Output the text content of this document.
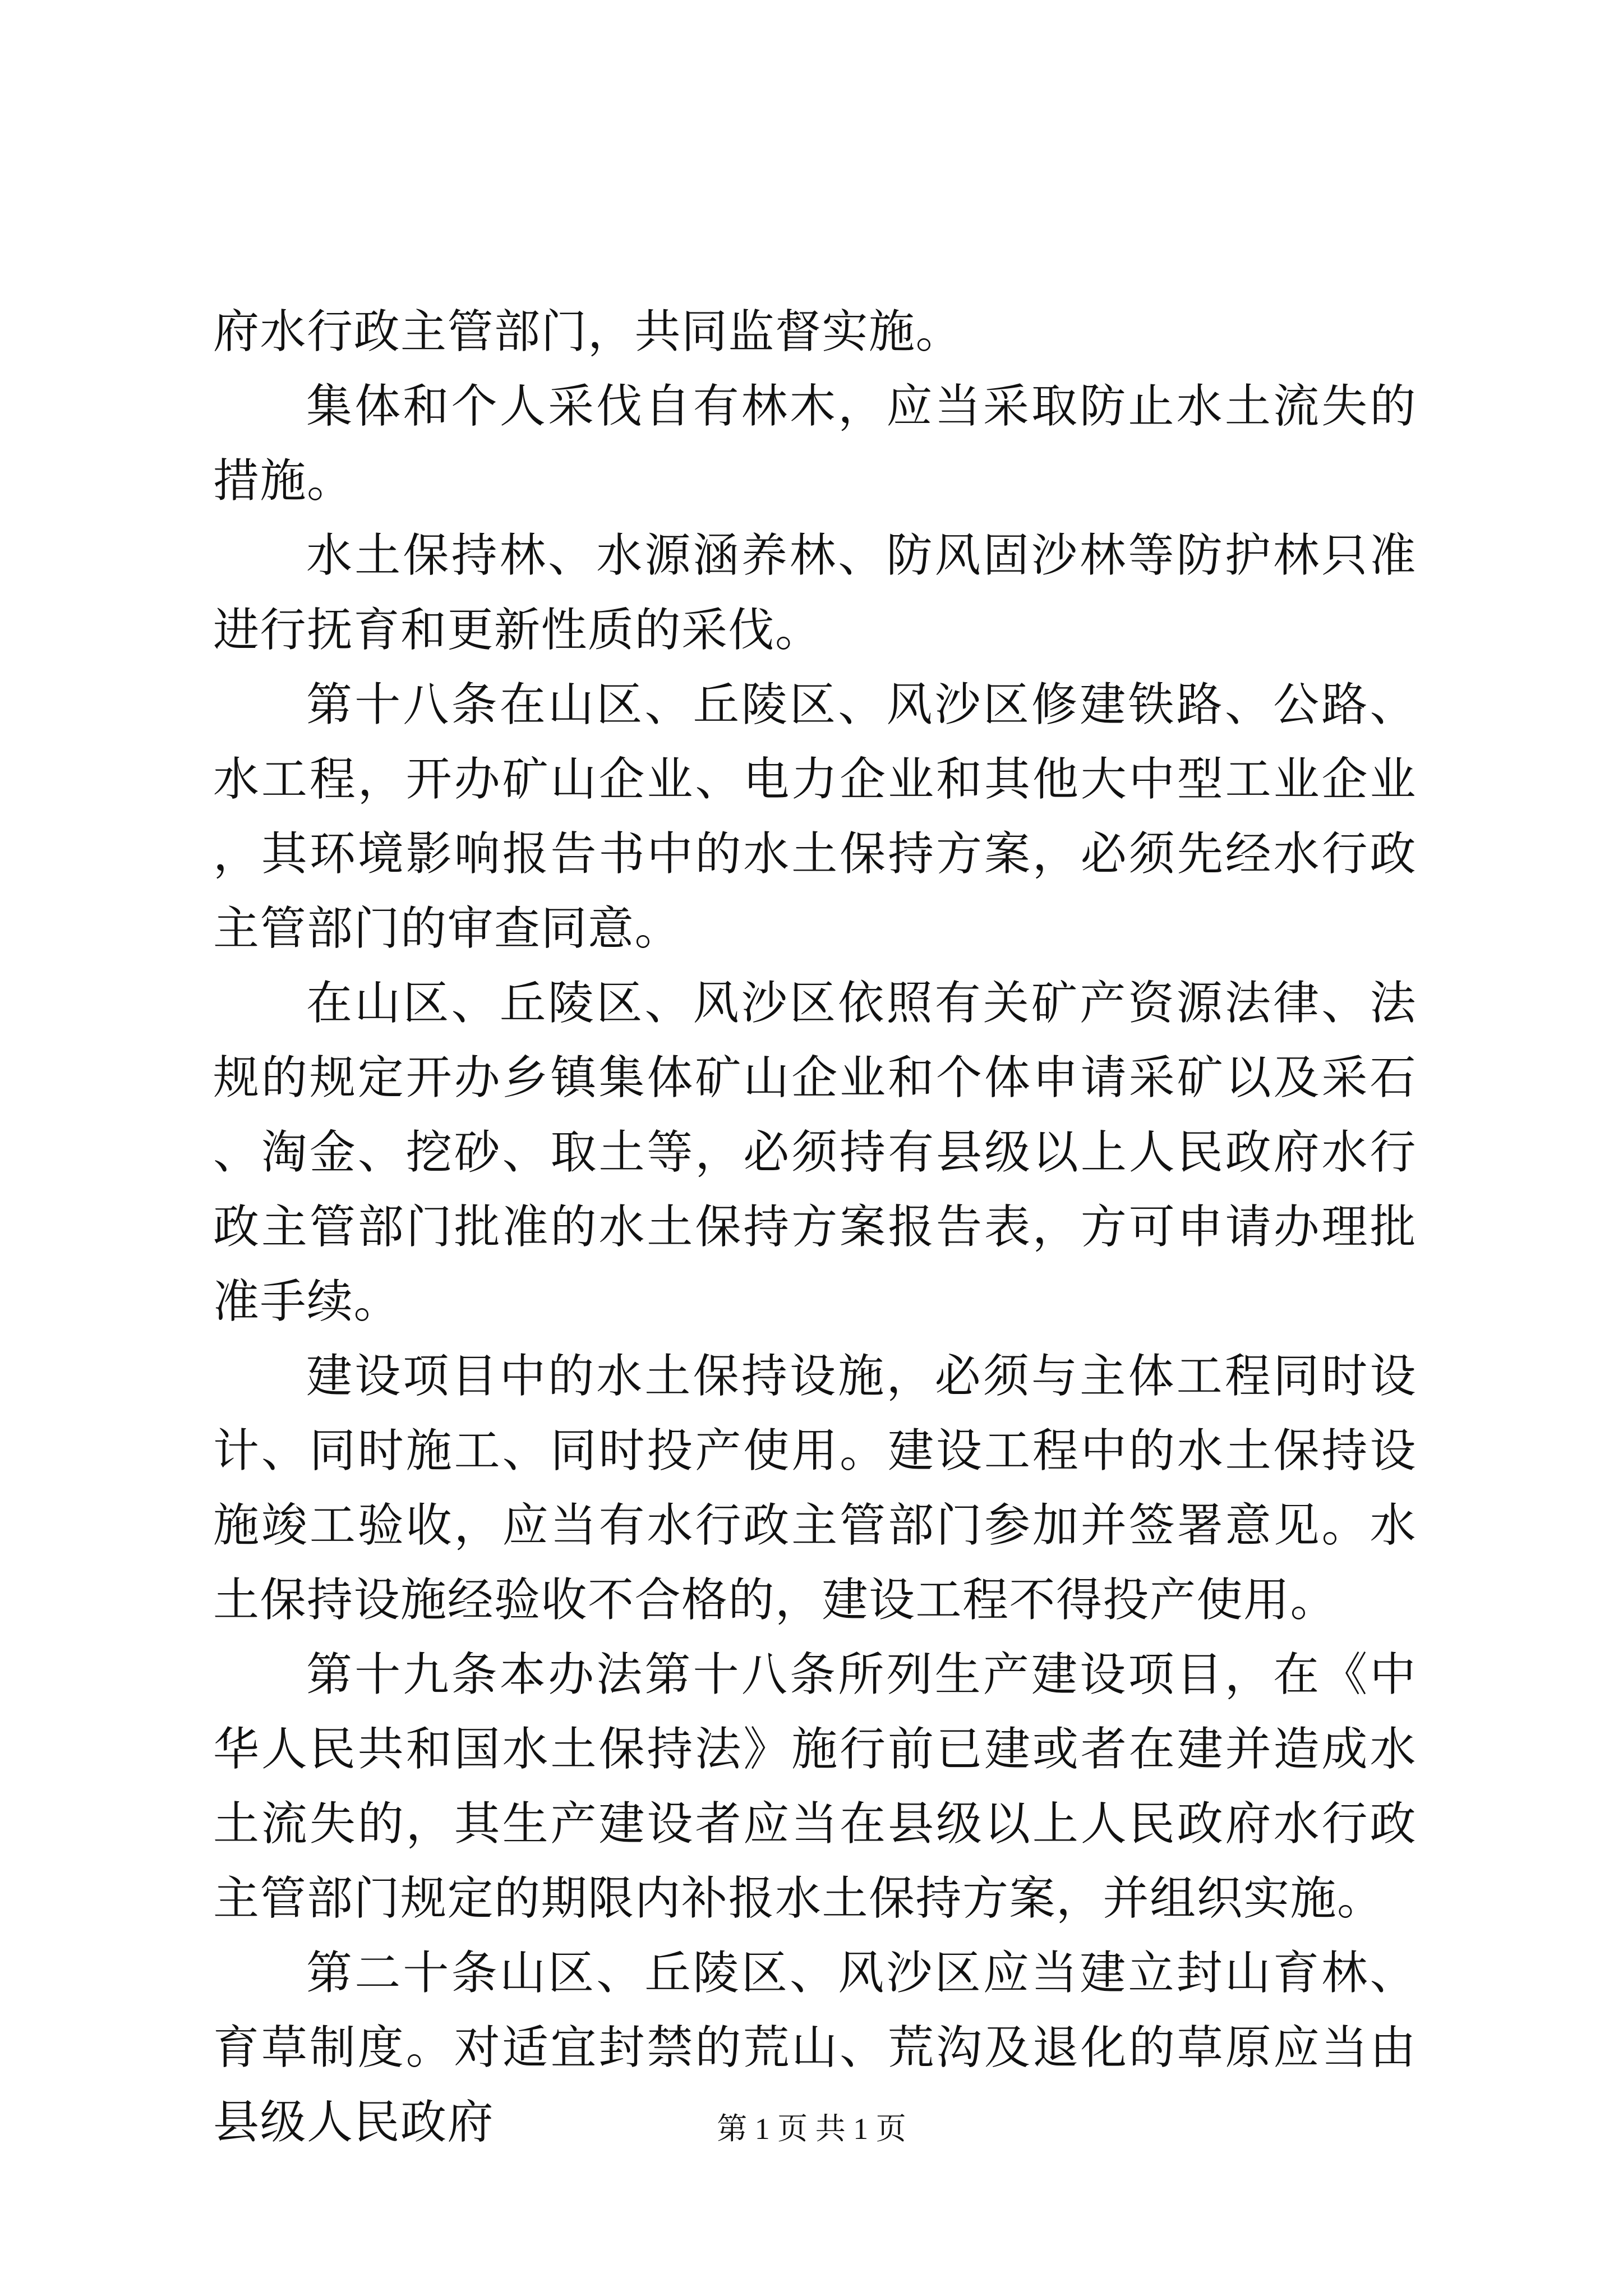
府水行政主管部门，共同监督实施。

集体和个人采伐自有林木，应当采取防止水土流失的措施。

水土保持林、水源涵养林、防风固沙林等防护林只准进行抚育和更新性质的采伐。

第十八条在山区、丘陵区、风沙区修建铁路、公路、水工程，开办矿山企业、电力企业和其他大中型工业企业，其环境影响报告书中的水土保持方案，必须先经水行政主管部门的审查同意。

在山区、丘陵区、风沙区依照有关矿产资源法律、法规的规定开办乡镇集体矿山企业和个体申请采矿以及采石、淘金、挖砂、取土等，必须持有县级以上人民政府水行政主管部门批准的水土保持方案报告表，方可申请办理批准手续。

建设项目中的水土保持设施，必须与主体工程同时设计、同时施工、同时投产使用。建设工程中的水土保持设施竣工验收，应当有水行政主管部门参加并签署意见。水土保持设施经验收不合格的，建设工程不得投产使用。

第十九条本办法第十八条所列生产建设项目，在《中华人民共和国水土保持法》施行前已建或者在建并造成水土流失的，其生产建设者应当在县级以上人民政府水行政主管部门规定的期限内补报水土保持方案，并组织实施。

第二十条山区、丘陵区、风沙区应当建立封山育林、育草制度。对适宜封禁的荒山、荒沟及退化的草原应当由县级人民政府	第 1 页 共 1 页
